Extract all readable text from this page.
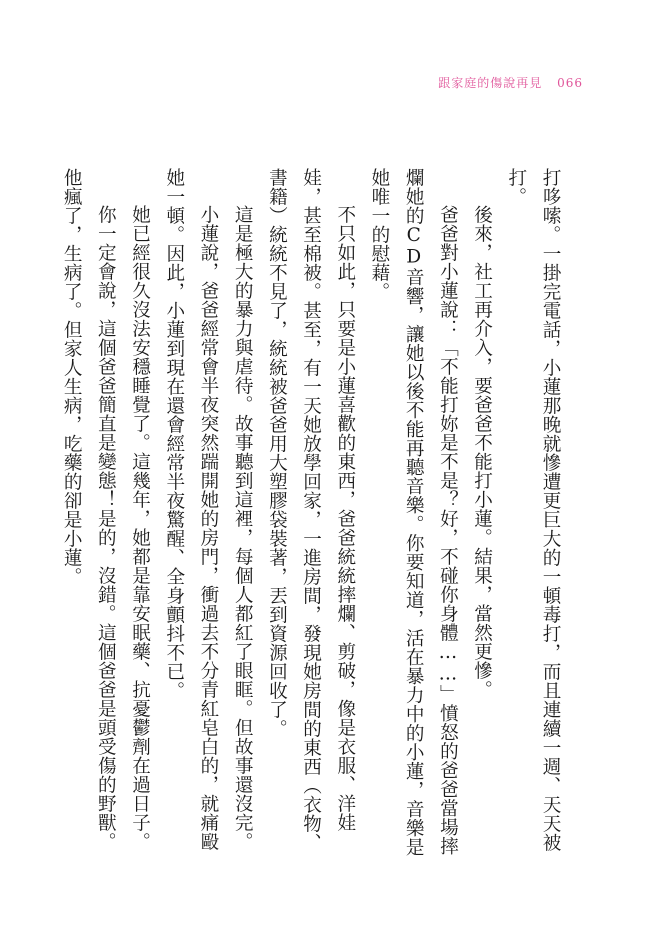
跟家庭的傷說再見 066

打哆嗦。一掛完電話，小蓮那晚就慘遭更巨大的一頓毒打，而且連續一週、天天被打。

後來，社工再介入，要爸爸不能打小蓮。結果，當然更慘。

爸爸對小蓮說：「不能打妳是不是？好，不碰你身體……」憤怒的爸爸當場摔爛她的CD音響，讓她以後不能再聽音樂。你要知道，活在暴力中的小蓮，音樂是她唯一的慰藉。

不只如此，只要是小蓮喜歡的東西，爸爸統統摔爛、剪破，像是衣服、洋娃娃，甚至棉被。甚至，有一天她放學回家，一進房間，發現她房間的東西（衣物、書籍）統統不見了，統統被爸爸用大塑膠袋裝著，丟到資源回收了。

這是極大的暴力與虐待。故事聽到這裡，每個人都紅了眼眶。但故事還沒完。

小蓮說，爸爸經常會半夜突然踹開她的房門，衝過去不分青紅皂白的，就痛毆她一頓。因此，小蓮到現在還會經常半夜驚醒、全身顫抖不已。

她已經很久沒法安穩睡覺了。這幾年，她都是靠安眠藥、抗憂鬱劑在過日子。

你一定會說，這個爸爸簡直是變態！是的，沒錯。這個爸爸是頭受傷的野獸。他瘋了，生病了。但家人生病，吃藥的卻是小蓮。
